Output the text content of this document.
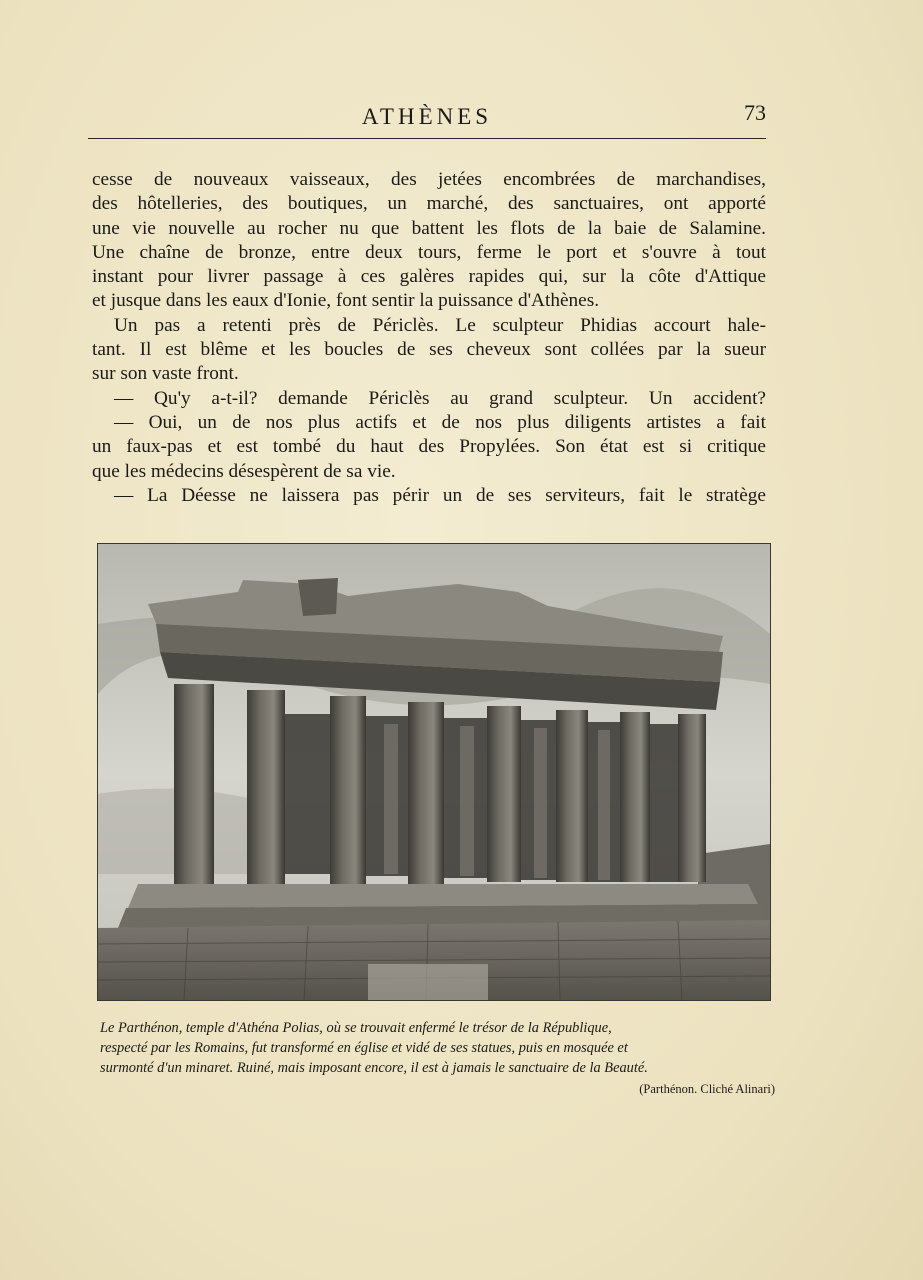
ATHÈNES	73
cesse de nouveaux vaisseaux, des jetées encombrées de marchandises,
des hôtelleries, des boutiques, un marché, des sanctuaires, ont apporté
une vie nouvelle au rocher nu que battent les flots de la baie de Salamine.
Une chaîne de bronze, entre deux tours, ferme le port et s'ouvre à tout
instant pour livrer passage à ces galères rapides qui, sur la côte d'Attique
et jusque dans les eaux d'Ionie, font sentir la puissance d'Athènes.
Un pas a retenti près de Périclès. Le sculpteur Phidias accourt hale-
tant. Il est blême et les boucles de ses cheveux sont collées par la sueur
sur son vaste front.
— Qu'y a-t-il? demande Périclès au grand sculpteur. Un accident?
— Oui, un de nos plus actifs et de nos plus diligents artistes a fait
un faux-pas et est tombé du haut des Propylées. Son état est si critique
que les médecins désespèrent de sa vie.
— La Déesse ne laissera pas périr un de ses serviteurs, fait le stratège
Le Parthénon, temple d'Athéna Polias, où se trouvait enfermé le trésor de la République,
respecté par les Romains, fut transformé en église et vidé de ses statues, puis en mosquée et
surmonté d'un minaret. Ruiné, mais imposant encore, il est à jamais le sanctuaire de la Beauté.
(Parthénon. Cliché Alinari)
